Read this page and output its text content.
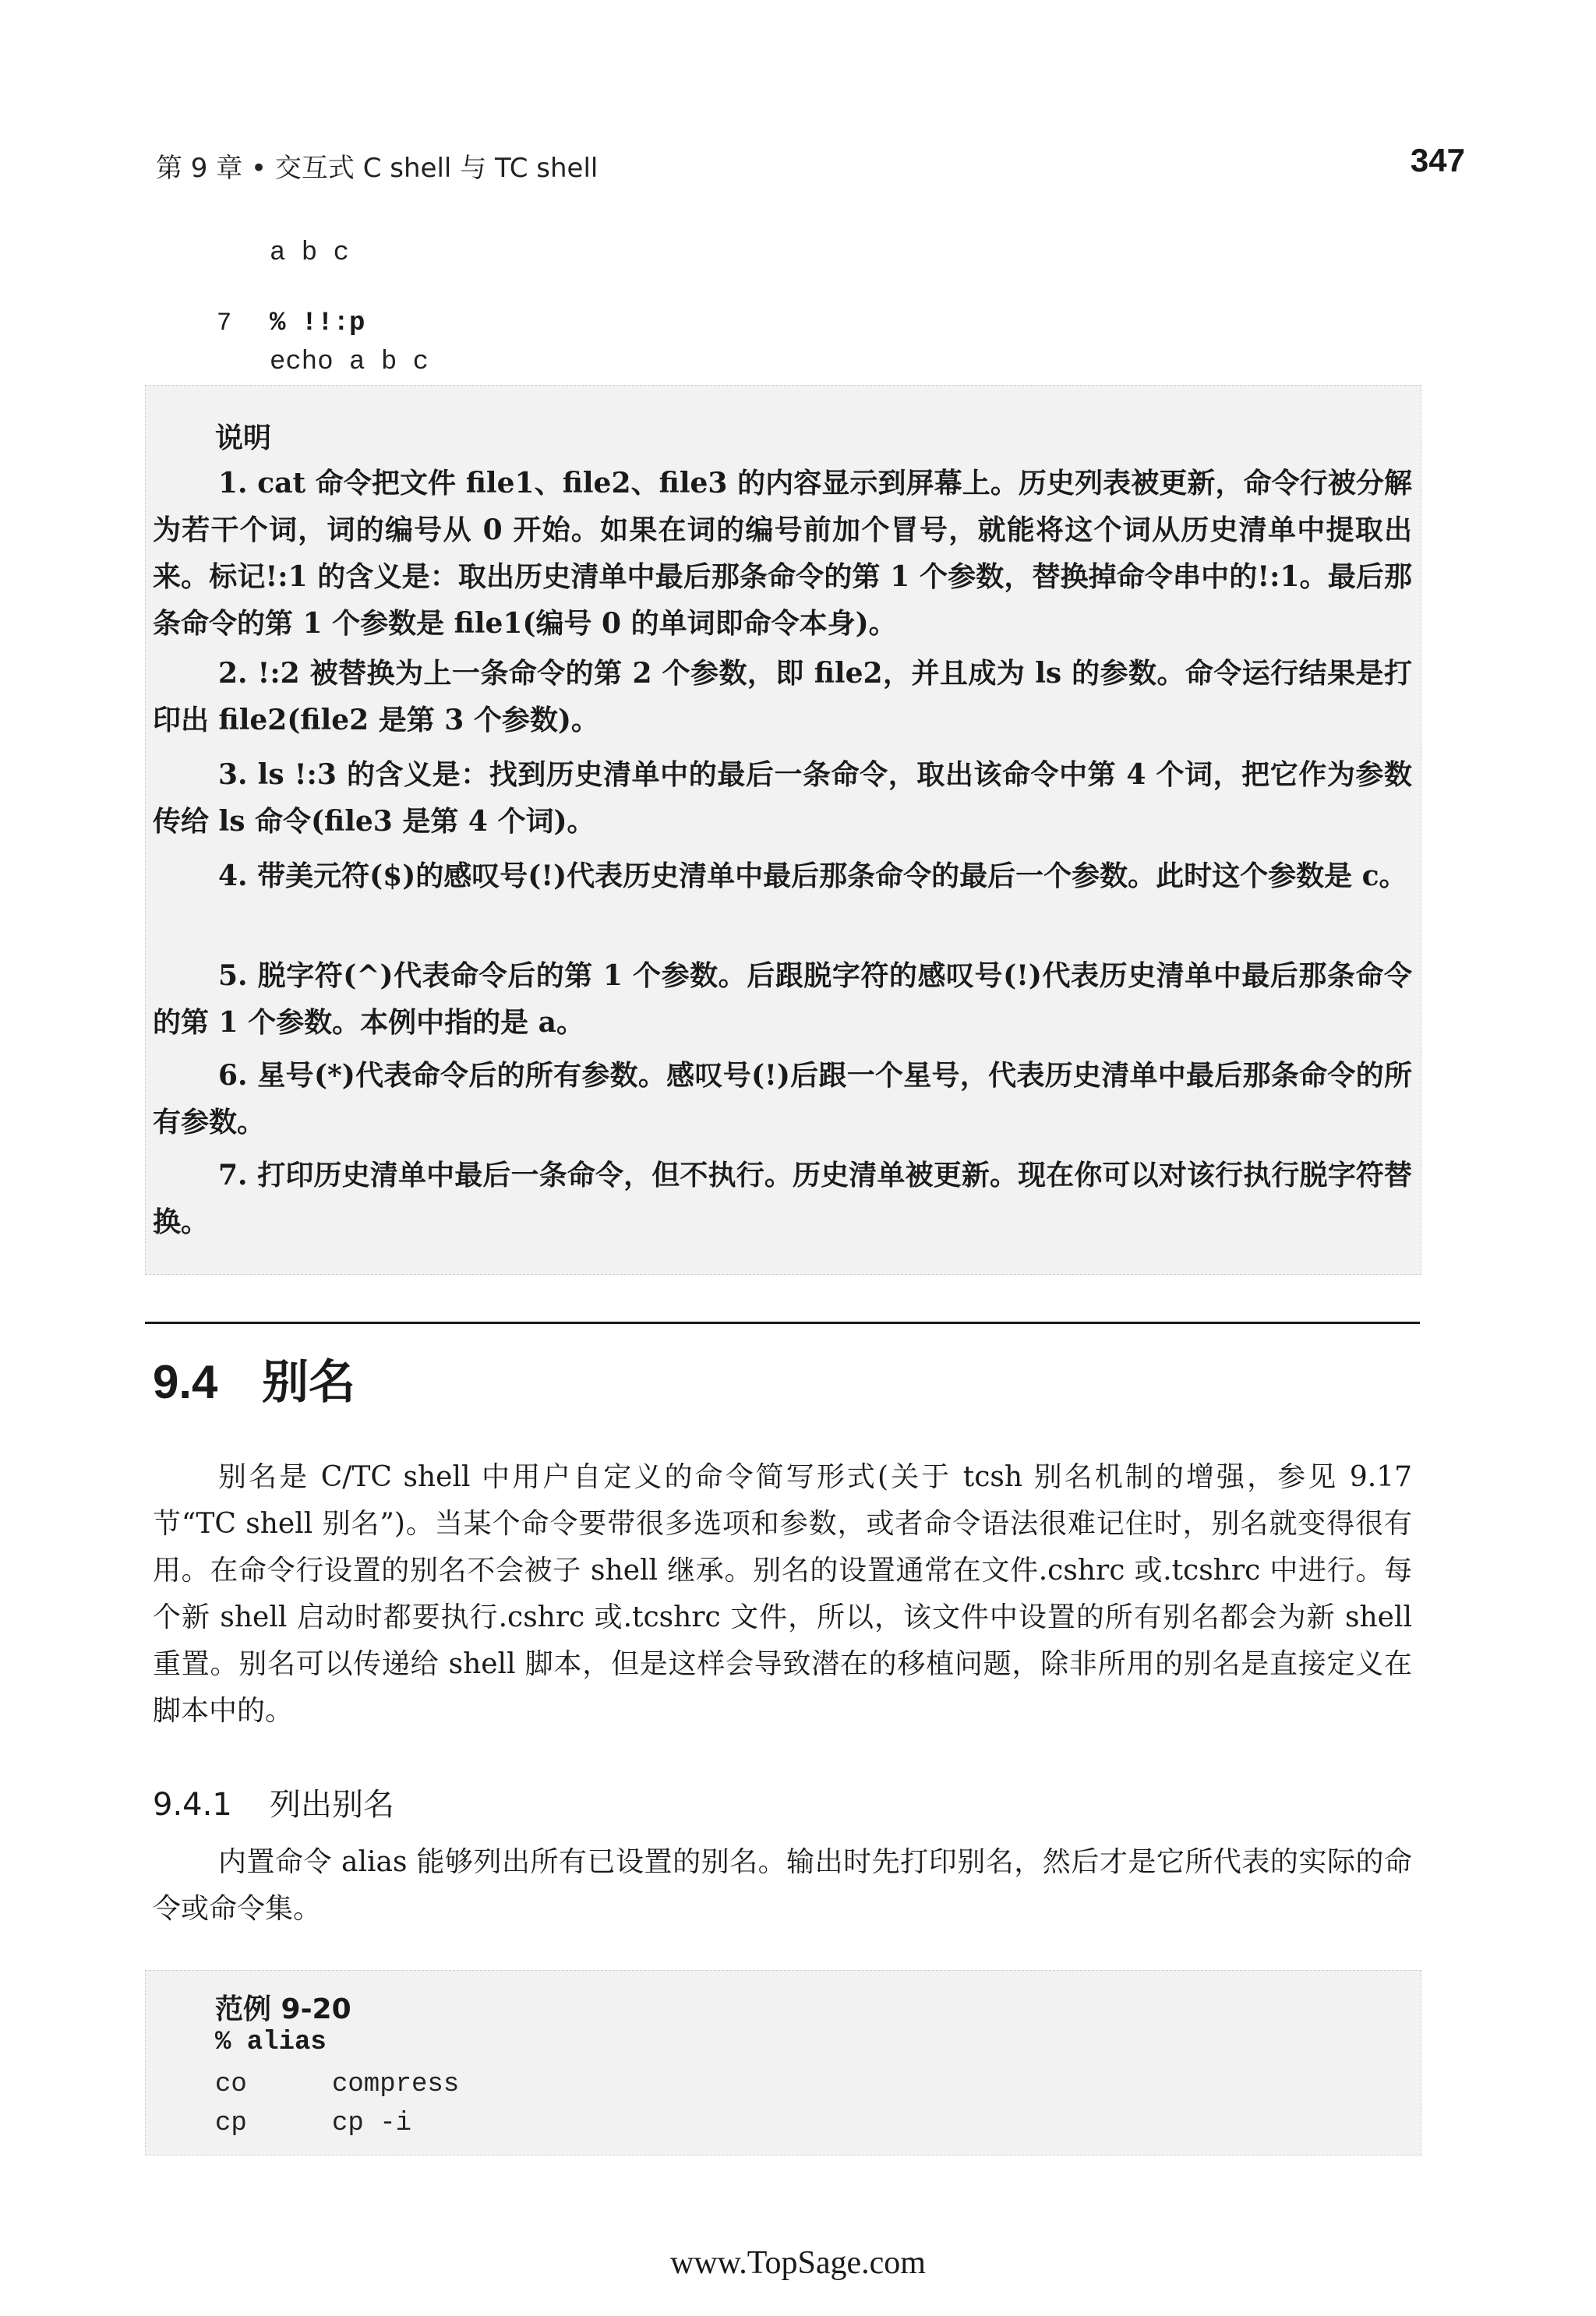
第 9 章 • 交互式 C shell 与 TC shell	347
a b c
7 % !!:p
echo a b c
说明

1. cat 命令把文件 file1、file2、file3 的内容显示到屏幕上。历史列表被更新，命令行被分解为若干个词，词的编号从 0 开始。如果在词的编号前加个冒号，就能将这个词从历史清单中提取出来。标记!:1 的含义是：取出历史清单中最后那条命令的第 1 个参数，替换掉命令串中的!:1。最后那条命令的第 1 个参数是 file1(编号 0 的单词即命令本身)。

2. !:2 被替换为上一条命令的第 2 个参数，即 file2，并且成为 ls 的参数。命令运行结果是打印出 file2(file2 是第 3 个参数)。

3. ls !:3 的含义是：找到历史清单中的最后一条命令，取出该命令中第 4 个词，把它作为参数传给 ls 命令(file3 是第 4 个词)。

4. 带美元符($)的感叹号(!)代表历史清单中最后那条命令的最后一个参数。此时这个参数是 c。

5. 脱字符(^)代表命令后的第 1 个参数。后跟脱字符的感叹号(!)代表历史清单中最后那条命令的第 1 个参数。本例中指的是 a。

6. 星号(*)代表命令后的所有参数。感叹号(!)后跟一个星号，代表历史清单中最后那条命令的所有参数。

7. 打印历史清单中最后一条命令，但不执行。历史清单被更新。现在你可以对该行执行脱字符替换。

9.4 别名

别名是 C/TC shell 中用户自定义的命令简写形式(关于 tcsh 别名机制的增强，参见 9.17 节“TC shell 别名”)。当某个命令要带很多选项和参数，或者命令语法很难记住时，别名就变得很有用。在命令行设置的别名不会被子 shell 继承。别名的设置通常在文件.cshrc 或.tcshrc 中进行。每个新 shell 启动时都要执行.cshrc 或.tcshrc 文件，所以，该文件中设置的所有别名都会为新 shell 重置。别名可以传递给 shell 脚本，但是这样会导致潜在的移植问题，除非所用的别名是直接定义在脚本中的。

9.4.1 列出别名

内置命令 alias 能够列出所有已设置的别名。输出时先打印别名，然后才是它所代表的实际的命令或命令集。

范例 9-20
% alias
co	compress
cp	cp -i
www.TopSage.com
